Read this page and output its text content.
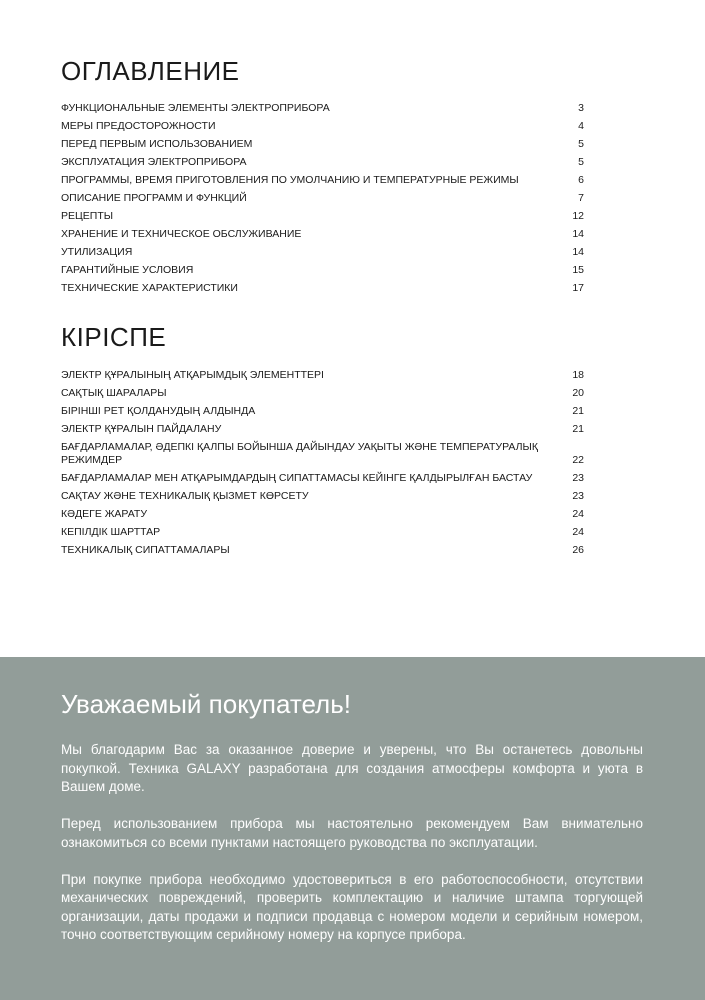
ОГЛАВЛЕНИЕ
ФУНКЦИОНАЛЬНЫЕ ЭЛЕМЕНТЫ ЭЛЕКТРОПРИБОРА	3
МЕРЫ ПРЕДОСТОРОЖНОСТИ	4
ПЕРЕД ПЕРВЫМ ИСПОЛЬЗОВАНИЕМ	5
ЭКСПЛУАТАЦИЯ ЭЛЕКТРОПРИБОРА	5
ПРОГРАММЫ, ВРЕМЯ ПРИГОТОВЛЕНИЯ ПО УМОЛЧАНИЮ И ТЕМПЕРАТУРНЫЕ РЕЖИМЫ	6
ОПИСАНИЕ ПРОГРАММ И ФУНКЦИЙ	7
РЕЦЕПТЫ	12
ХРАНЕНИЕ И ТЕХНИЧЕСКОЕ ОБСЛУЖИВАНИЕ	14
УТИЛИЗАЦИЯ	14
ГАРАНТИЙНЫЕ УСЛОВИЯ	15
ТЕХНИЧЕСКИЕ ХАРАКТЕРИСТИКИ	17
КІРІСПЕ
ЭЛЕКТР ҚҰРАЛЫНЫҢ АТҚАРЫМДЫҚ ЭЛЕМЕНТТЕРІ	18
САҚТЫҚ ШАРАЛАРЫ	20
БІРІНШІ РЕТ ҚОЛДАНУДЫҢ АЛДЫНДА	21
ЭЛЕКТР ҚҰРАЛЫН ПАЙДАЛАНУ	21
БАҒДАРЛАМАЛАР, ӘДЕПКІ ҚАЛПЫ БОЙЫНША ДАЙЫНДАУ УАҚЫТЫ ЖӘНЕ ТЕМПЕРАТУРАЛЫҚ РЕЖИМДЕР	22
БАҒДАРЛАМАЛАР МЕН АТҚАРЫМДАРДЫҢ СИПАТТАМАСЫ КЕЙІНГЕ ҚАЛДЫРЫЛҒАН БАСТАУ	23
САҚТАУ ЖӘНЕ ТЕХНИКАЛЫҚ ҚЫЗМЕТ КӨРСЕТУ	23
КӘДЕГЕ ЖАРАТУ	24
КЕПІЛДІК ШАРТТАР	24
ТЕХНИКАЛЫҚ СИПАТТАМАЛАРЫ	26
Уважаемый покупатель!

Мы благодарим Вас за оказанное доверие и уверены, что Вы останетесь довольны покупкой. Техника GALAXY разработана для создания атмосферы комфорта и уюта в Вашем доме.

Перед использованием прибора мы настоятельно рекомендуем Вам внимательно ознакомиться со всеми пунктами настоящего руководства по эксплуатации.

При покупке прибора необходимо удостовериться в его работоспособности, отсутствии механических повреждений, проверить комплектацию и наличие штампа торгующей организации, даты продажи и подписи продавца с номером модели и серийным номером, точно соответствующим серийному номеру на корпусе прибора.
